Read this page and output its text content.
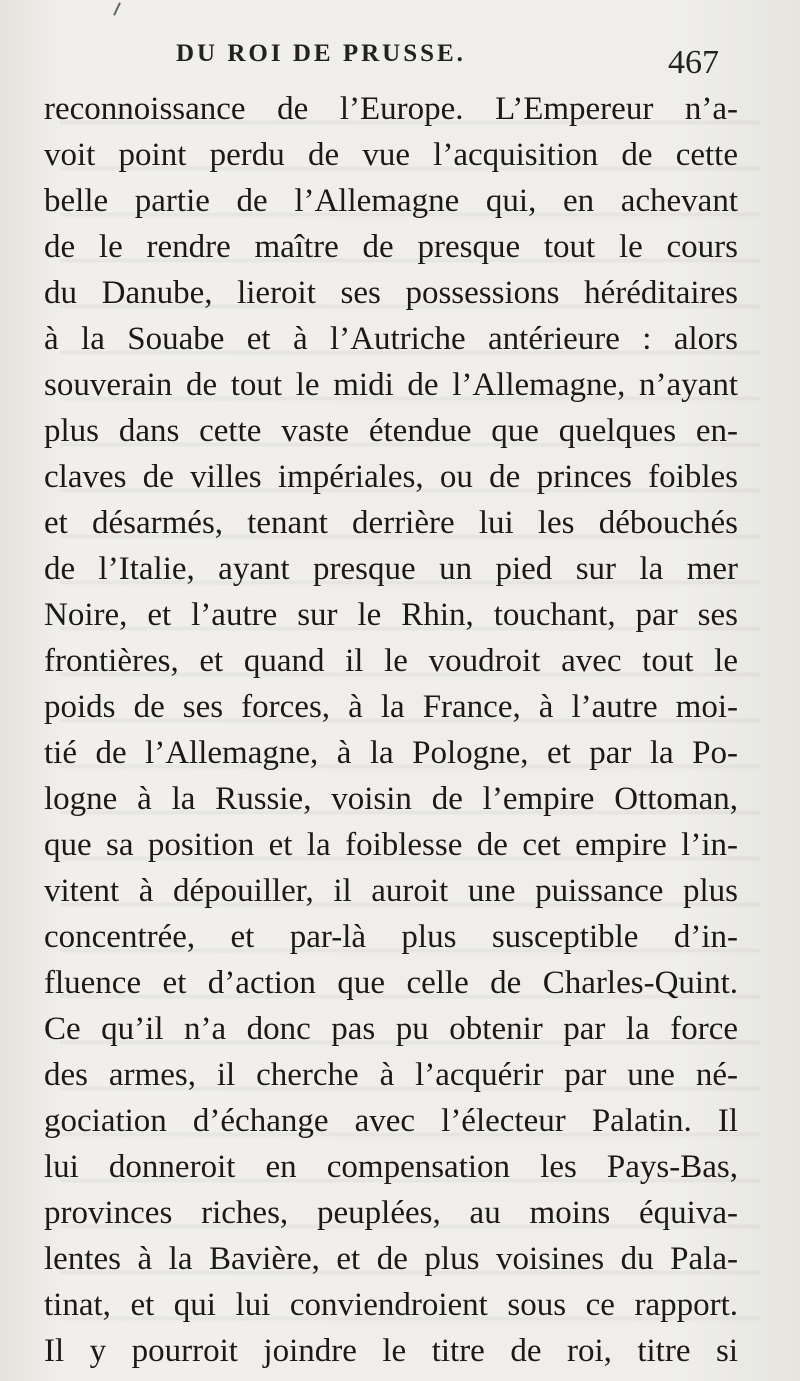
DU ROI DE PRUSSE.	467
reconnoissance de l’Europe. L’Empereur n’a-
voit point perdu de vue l’acquisition de cette
belle partie de l’Allemagne qui, en achevant
de le rendre maître de presque tout le cours
du Danube, lieroit ses possessions héréditaires
à la Souabe et à l’Autriche antérieure : alors
souverain de tout le midi de l’Allemagne, n’ayant
plus dans cette vaste étendue que quelques en-
claves de villes impériales, ou de princes foibles
et désarmés, tenant derrière lui les débouchés
de l’Italie, ayant presque un pied sur la mer
Noire, et l’autre sur le Rhin, touchant, par ses
frontières, et quand il le voudroit avec tout le
poids de ses forces, à la France, à l’autre moi-
tié de l’Allemagne, à la Pologne, et par la Po-
logne à la Russie, voisin de l’empire Ottoman,
que sa position et la foiblesse de cet empire l’in-
vitent à dépouiller, il auroit une puissance plus
concentrée, et par-là plus susceptible d’in-
fluence et d’action que celle de Charles-Quint.
Ce qu’il n’a donc pas pu obtenir par la force
des armes, il cherche à l’acquérir par une né-
gociation d’échange avec l’électeur Palatin. Il
lui donneroit en compensation les Pays-Bas,
provinces riches, peuplées, au moins équiva-
lentes à la Bavière, et de plus voisines du Pala-
tinat, et qui lui conviendroient sous ce rapport.
Il y pourroit joindre le titre de roi, titre si
